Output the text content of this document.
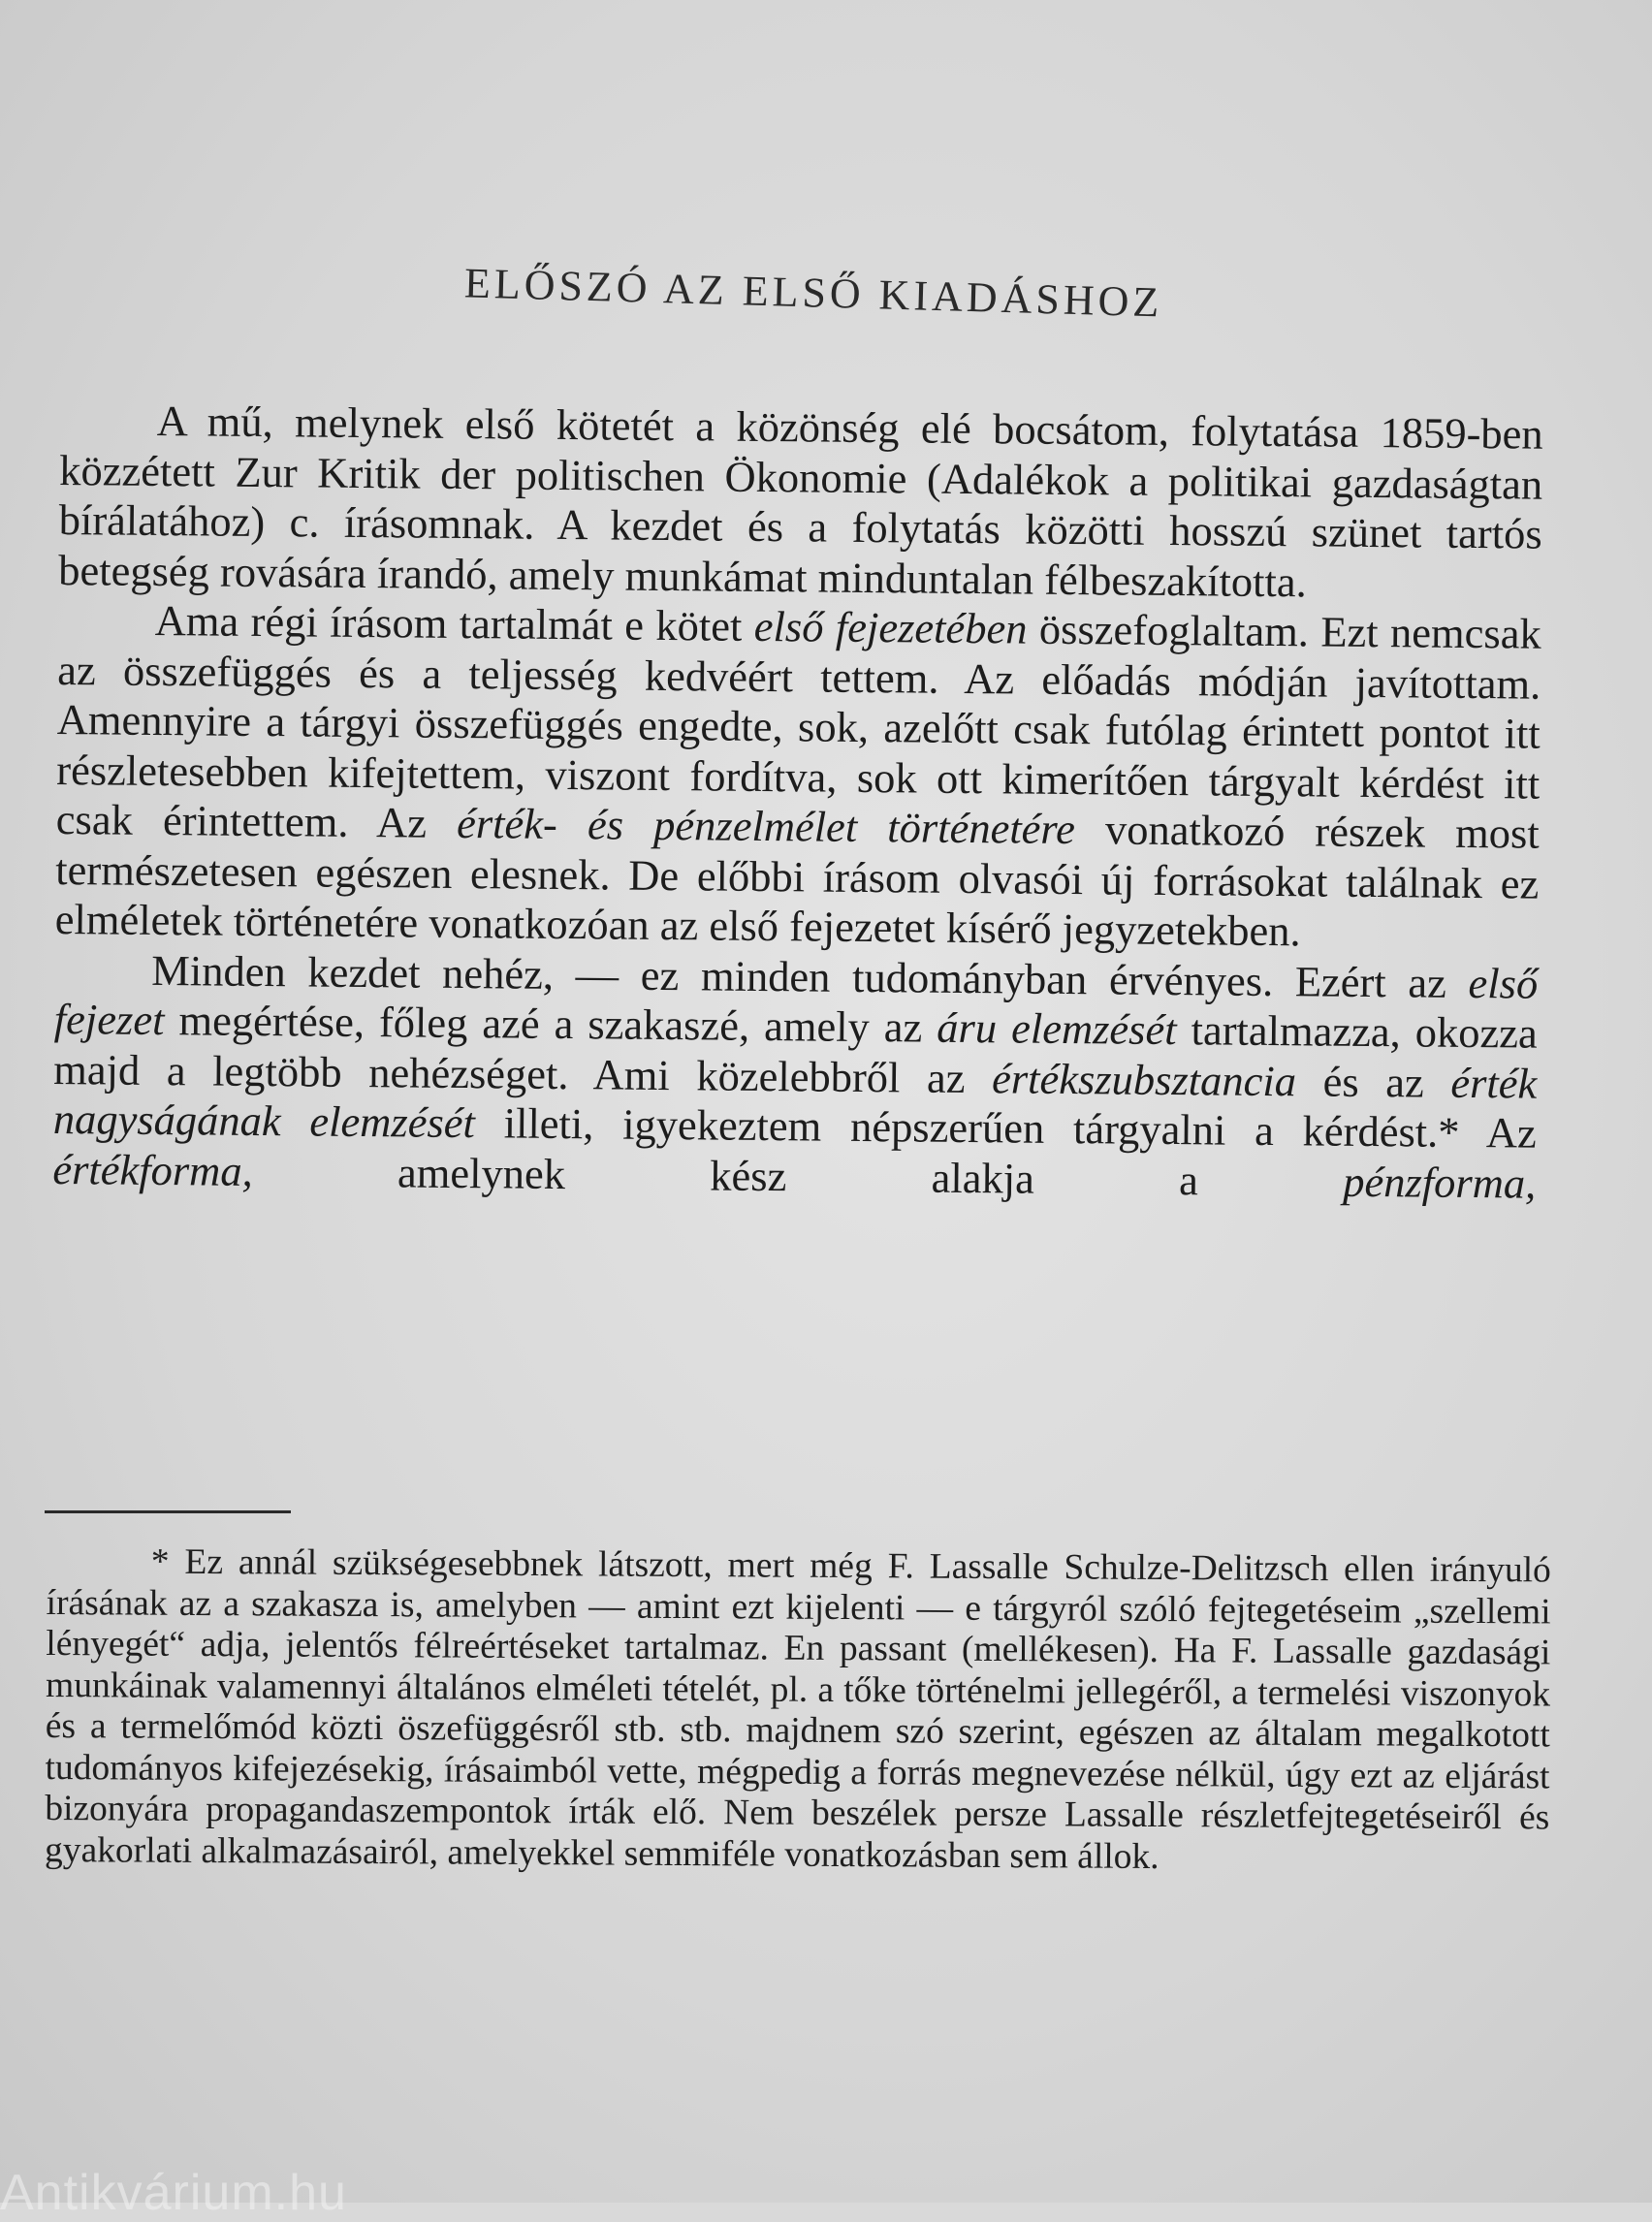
ELŐSZÓ AZ ELSŐ KIADÁSHOZ

A mű, melynek első kötetét a közönség elé bocsátom, folytatása 1859-ben közzétett Zur Kritik der politischen Ökonomie (Adalékok a politikai gazdaságtan bírálatához) c. írásomnak. A kezdet és a folytatás közötti hosszú szünet tartós betegség rovására írandó, amely munkámat minduntalan félbeszakította.

Ama régi írásom tartalmát e kötet első fejezetében összefoglaltam. Ezt nemcsak az összefüggés és a teljesség kedvéért tettem. Az előadás módján javítottam. Amennyire a tárgyi összefüggés engedte, sok, azelőtt csak futólag érintett pontot itt részletesebben kifejtettem, viszont fordítva, sok ott kimerítően tárgyalt kérdést itt csak érintettem. Az érték- és pénzelmélet történetére vonatkozó részek most természetesen egészen elesnek. De előbbi írásom olvasói új forrásokat találnak ez elméletek történetére vonatkozóan az első fejezetet kísérő jegyzetekben.

Minden kezdet nehéz, — ez minden tudományban érvényes. Ezért az első fejezet megértése, főleg azé a szakaszé, amely az áru elemzését tartalmazza, okozza majd a legtöbb nehézséget. Ami közelebbről az értékszubsztancia és az érték nagyságának elemzését illeti, igyekeztem népszerűen tárgyalni a kérdést.* Az értékforma, amelynek kész alakja a pénzforma,

* Ez annál szükségesebbnek látszott, mert még F. Lassalle Schulze-Delitzsch ellen irányuló írásának az a szakasza is, amelyben — amint ezt kijelenti — e tárgyról szóló fejtegetéseim „szellemi lényegét“ adja, jelentős félreértéseket tartalmaz. En passant (mellékesen). Ha F. Lassalle gazdasági munkáinak valamennyi általános elméleti tételét, pl. a tőke történelmi jellegéről, a termelési viszonyok és a termelőmód közti öszefüggésről stb. stb. majdnem szó szerint, egészen az általam megalkotott tudományos kifejezésekig, írásaimból vette, mégpedig a forrás megnevezése nélkül, úgy ezt az eljárást bizonyára propagandaszempontok írták elő. Nem beszélek persze Lassalle részletfejtegetéseiről és gyakorlati alkalmazásairól, amelyekkel semmiféle vonatkozásban sem állok.
Antikvárium.hu
